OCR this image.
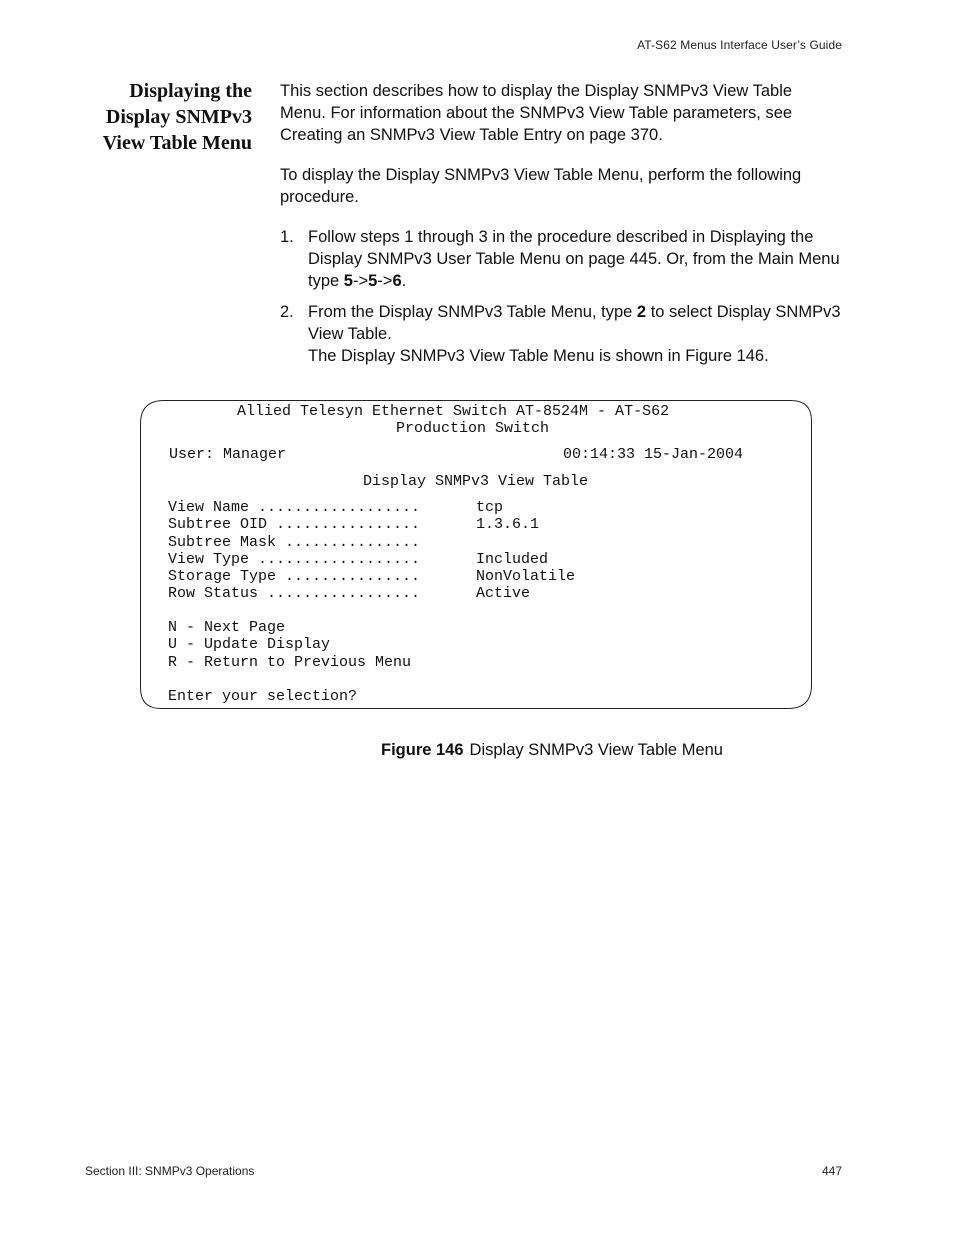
AT-S62 Menus Interface User’s Guide
Displaying the
Display SNMPv3
View Table Menu

This section describes how to display the Display SNMPv3 View Table Menu. For information about the SNMPv3 View Table parameters, see Creating an SNMPv3 View Table Entry on page 370.

To display the Display SNMPv3 View Table Menu, perform the following procedure.

1. Follow steps 1 through 3 in the procedure described in Displaying the Display SNMPv3 User Table Menu on page 445. Or, from the Main Menu type 5->5->6.
2. From the Display SNMPv3 Table Menu, type 2 to select Display SNMPv3 View Table.

The Display SNMPv3 View Table Menu is shown in Figure 146.

Allied Telesyn Ethernet Switch AT-8524M - AT-S62
Production Switch
User: Manager	00:14:33 15-Jan-2004
Display SNMPv3 View Table
View Name ..................	tcp
Subtree OID ................	1.3.6.1
Subtree Mask ...............
View Type ..................	Included
Storage Type ...............	NonVolatile
Row Status .................	Active
N - Next Page
U - Update Display
R - Return to Previous Menu
Enter your selection?
Figure 146 Display SNMPv3 View Table Menu
Section III: SNMPv3 Operations	447
